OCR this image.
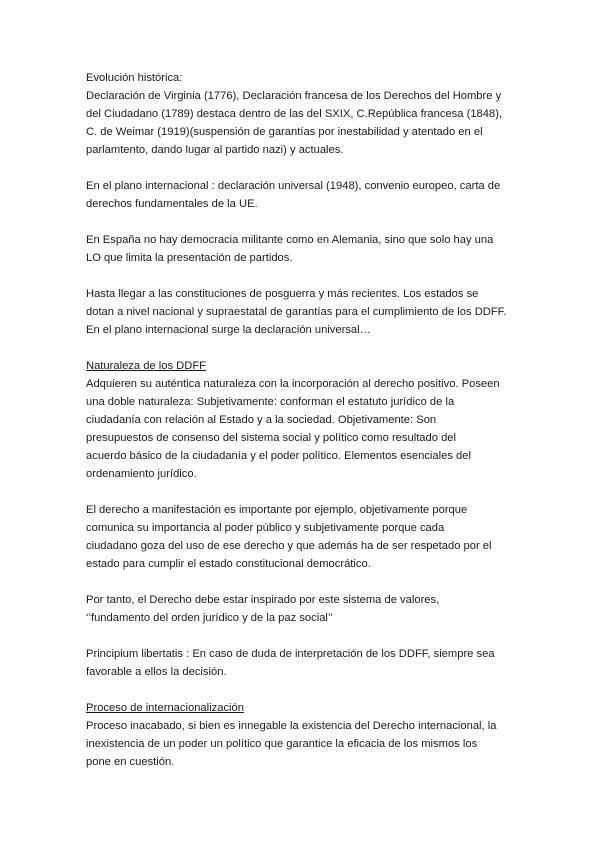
Evolución histórica:
Declaración de Virginia (1776), Declaración francesa de los Derechos del Hombre y
del Ciudadano (1789) destaca dentro de las del SXIX, C.República francesa (1848),
C. de Weimar (1919)(suspensión de garantías por inestabilidad y atentado en el
parlamtento, dando lugar al partido nazi) y actuales.

En el plano internacional : declaración universal (1948), convenio europeo, carta de
derechos fundamentales de la UE.

En España no hay democracia militante como en Alemania, sino que solo hay una
LO que limita la presentación de partidos.

Hasta llegar a las constituciones de posguerra y más recientes. Los estados se
dotan a nivel nacional y supraestatal de garantías para el cumplimiento de los DDFF.
En el plano internacional surge la declaración universal…

Naturaleza de los DDFF
Adquieren su auténtica naturaleza con la incorporación al derecho positivo. Poseen
una doble naturaleza: Subjetivamente: conforman el estatuto jurídico de la
ciudadanía con relación al Estado y a la sociedad. Objetivamente: Son
presupuestos de consenso del sistema social y político como resultado del
acuerdo básico de la ciudadanía y el poder político. Elementos esenciales del
ordenamiento jurídico.

El derecho a manifestación es importante por ejemplo, objetivamente porque
comunica su importancia al poder público y subjetivamente porque cada
ciudadano goza del uso de ese derecho y que además ha de ser respetado por el
estado para cumplir el estado constitucional democrático.

Por tanto, el Derecho debe estar inspirado por este sistema de valores,
‘’fundamento del orden jurídico y de la paz social’’

Principium libertatis : En caso de duda de interpretación de los DDFF, siempre sea
favorable a ellos la decisión.

Proceso de internacionalización
Proceso inacabado, si bien es innegable la existencia del Derecho internacional, la
inexistencia de un poder un político que garantice la eficacia de los mismos los
pone en cuestión.
